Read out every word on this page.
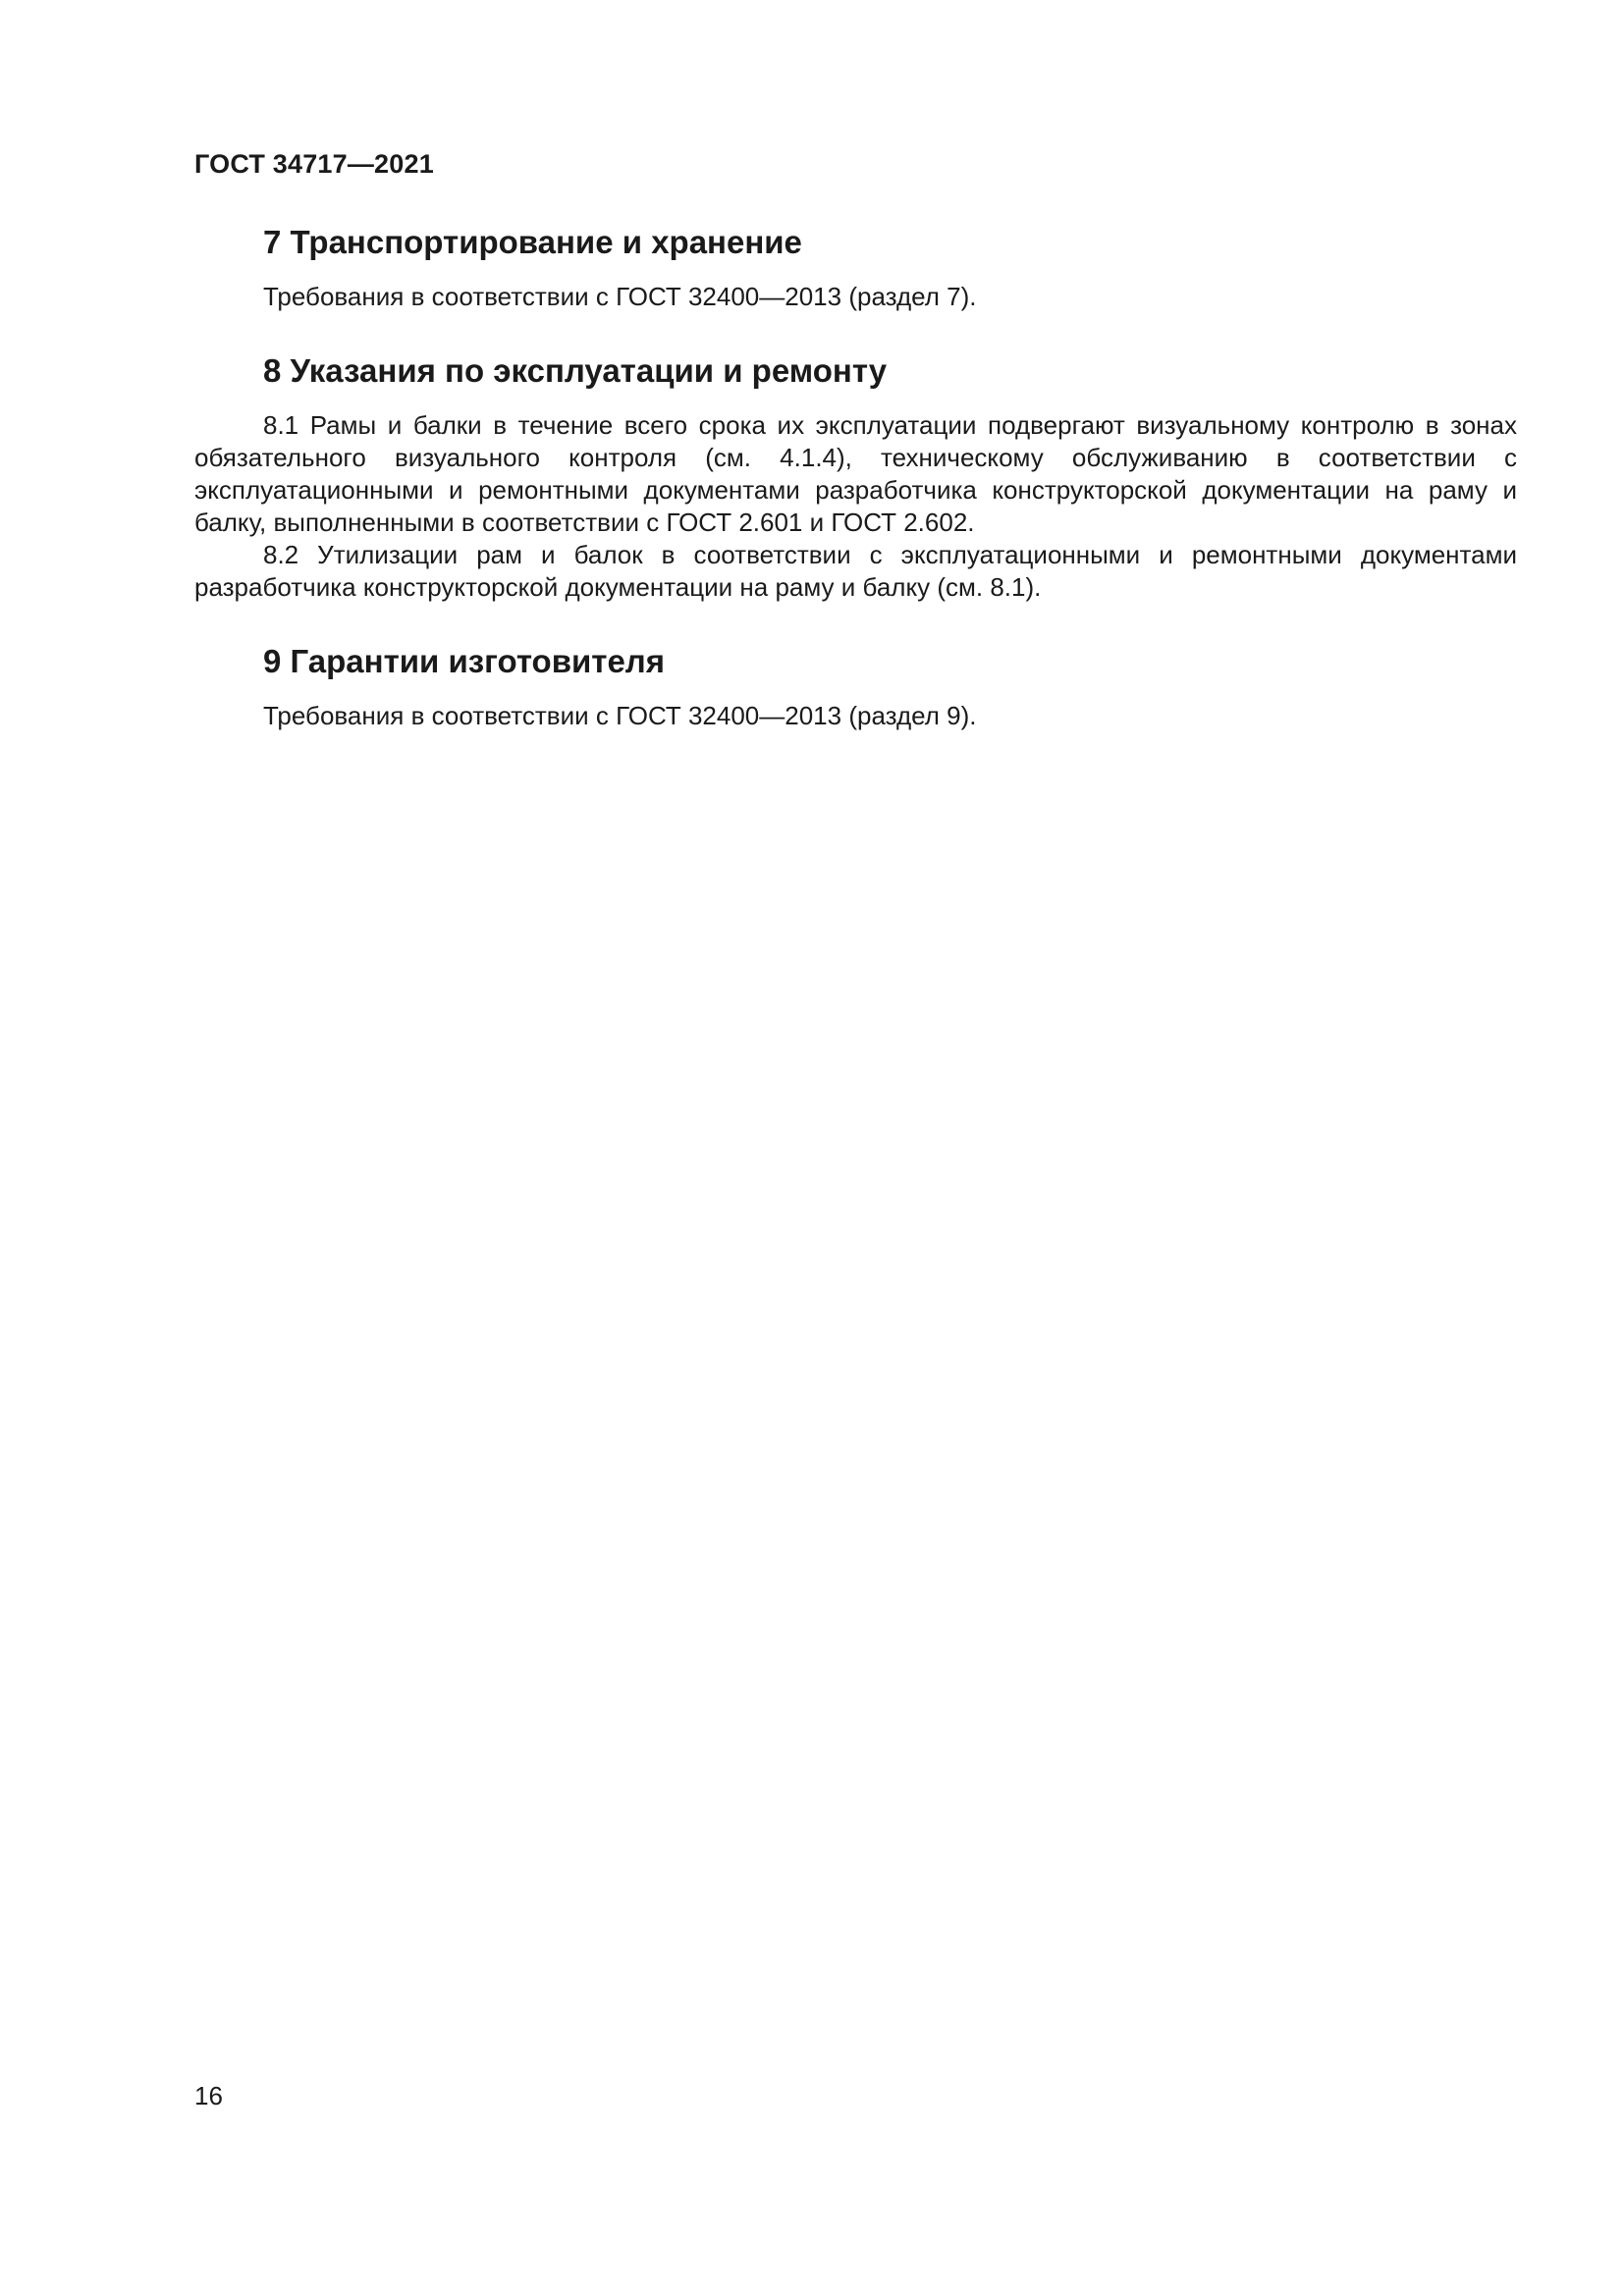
ГОСТ 34717—2021
7 Транспортирование и хранение

Требования в соответствии с ГОСТ 32400—2013 (раздел 7).

8 Указания по эксплуатации и ремонту

8.1 Рамы и балки в течение всего срока их эксплуатации подвергают визуальному контролю в зонах обязательного визуального контроля (см. 4.1.4), техническому обслуживанию в соответствии с эксплуатационными и ремонтными документами разработчика конструкторской документации на раму и балку, выполненными в соответствии с ГОСТ 2.601 и ГОСТ 2.602.

8.2 Утилизации рам и балок в соответствии с эксплуатационными и ремонтными документами разработчика конструкторской документации на раму и балку (см. 8.1).

9 Гарантии изготовителя

Требования в соответствии с ГОСТ 32400—2013 (раздел 9).

16
